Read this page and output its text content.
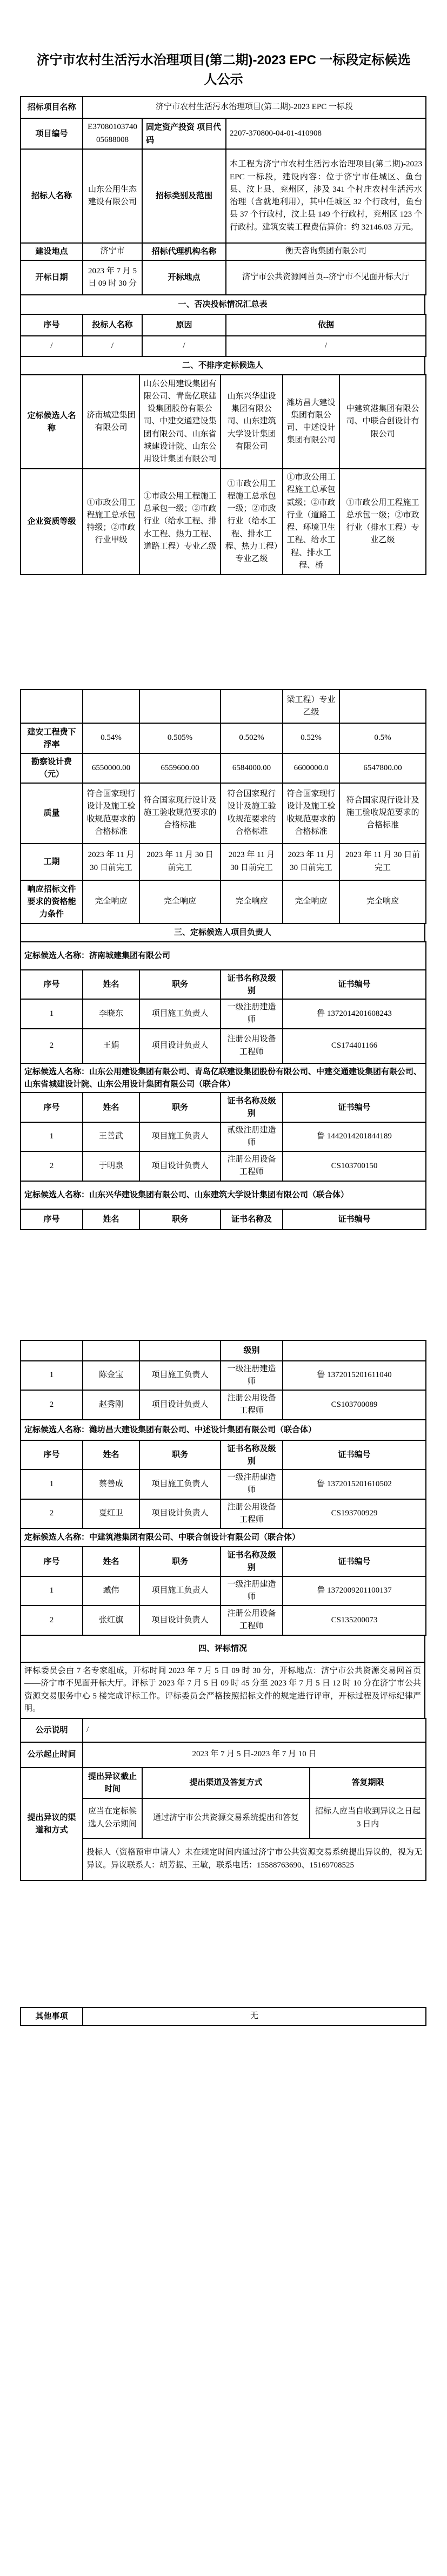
济宁市农村生活污水治理项目(第二期)-2023 EPC 一标段定标候选人公示
招标项目名称	济宁市农村生活污水治理项目(第二期)-2023 EPC 一标段		
项目编号	E3708010374005688008	固定资产投资 项目代码	2207-370800-04-01-410908
招标人名称	山东公用生态建设有限公司	招标类别及范围	本工程为济宁市农村生活污水治理项目(第二期)-2023 EPC 一标段，建设内容：位于济宁市任城区、鱼台县、汶上县、兖州区，涉及 341 个村庄农村生活污水治理（含就地利用），其中任城区 32 个行政村，鱼台县 37 个行政村，汶上县 149 个行政村，兖州区 123 个行政村。建筑安装工程费估算价：约 32146.03 万元。
建设地点	济宁市	招标代理机构名称	衡天咨询集团有限公司
开标日期	2023 年 7 月 5 日 09 时 30 分	开标地点	济宁市公共资源网首页--济宁市不见面开标大厅
一、否决投标情况汇总表
序号	投标人名称	原因	依据
/	/	/	/
二、不排序定标候选人
定标候选人名称	济南城建集团有限公司	山东公用建设集团有限公司、青岛亿联建设集团股份有限公司、中建交通建设集团有限公司、山东省城建设计院、山东公用设计集团有限公司	山东兴华建设集团有限公司、山东建筑大学设计集团有限公司	潍坊昌大建设集团有限公司、中述设计集团有限公司	中建筑港集团有限公司、中联合创设计有限公司
企业资质等级	①市政公用工程施工总承包特级；②市政行业甲级	①市政公用工程施工总承包一级；②市政行业（给水工程、排水工程、热力工程、道路工程）专业乙级	①市政公用工程施工总承包一级；②市政行业（给水工程、排水工程、热力工程）专业乙级	①市政公用工程施工总承包贰级；②市政行业（道路工程、环境卫生工程、给水工程、排水工程、桥	①市政公用工程施工总承包一级；②市政行业（排水工程）专业乙级
				梁工程）专业乙级	
建安工程费下浮率	0.54%	0.505%	0.502%	0.52%	0.5%
勘察设计费（元）	6550000.00	6559600.00	6584000.00	6600000.0	6547800.00
质量	符合国家现行设计及施工验收规范要求的合格标准	符合国家现行设计及施工验收规范要求的合格标准	符合国家现行设计及施工验收规范要求的合格标准	符合国家现行设计及施工验收规范要求的合格标准	符合国家现行设计及施工验收规范要求的合格标准
工期	2023 年 11 月 30 日前完工	2023 年 11 月 30 日前完工	2023 年 11 月 30 日前完工	2023 年 11 月 30 日前完工	2023 年 11 月 30 日前完工
响应招标文件要求的资格能力条件	完全响应	完全响应	完全响应	完全响应	完全响应
三、定标候选人项目负责人
定标候选人名称：济南城建集团有限公司				
序号	姓名	职务	证书名称及级别	证书编号
1	李晓东	项目施工负责人	一级注册建造师	鲁 1372014201608243
2	王娟	项目设计负责人	注册公用设备工程师	CS174401166
定标候选人名称：山东公用建设集团有限公司、青岛亿联建设集团股份有限公司、中建交通建设集团有限公司、山东省城建设计院、山东公用设计集团有限公司（联合体）				
序号	姓名	职务	证书名称及级别	证书编号
1	王善武	项目施工负责人	贰级注册建造师	鲁 1442014201844189
2	于明泉	项目设计负责人	注册公用设备工程师	CS103700150
定标候选人名称：山东兴华建设集团有限公司、山东建筑大学设计集团有限公司（联合体）				
序号	姓名	职务	证书名称及	证书编号
			级别	
1	陈金宝	项目施工负责人	一级注册建造师	鲁 1372015201611040
2	赵秀刚	项目设计负责人	注册公用设备工程师	CS103700089
定标候选人名称：潍坊昌大建设集团有限公司、中述设计集团有限公司（联合体）				
序号	姓名	职务	证书名称及级别	证书编号
1	蔡善成	项目施工负责人	一级注册建造师	鲁 1372015201610502
2	夏红卫	项目设计负责人	注册公用设备工程师	CS193700929
定标候选人名称：中建筑港集团有限公司、中联合创设计有限公司（联合体）				
序号	姓名	职务	证书名称及级别	证书编号
1	臧伟	项目施工负责人	一级注册建造师	鲁 1372009201100137
2	张红旗	项目设计负责人	注册公用设备工程师	CS135200073
四、评标情况
评标委员会由 7 名专家组成，开标时间 2023 年 7 月 5 日 09 时 30 分，开标地点：济宁市公共资源交易网首页——济宁市不见面开标大厅。评标于 2023 年 7 月 5 日 09 时 45 分至 2023 年 7 月 5 日 12 时 10 分在济宁市公共资源交易服务中心 5 楼完成评标工作。评标委员会严格按照招标文件的规定进行评审，开标过程及评标纪律严明。
公示说明	/		
公示起止时间	2023 年 7 月 5 日-2023 年 7 月 10 日		
提出异议的渠道和方式	提出异议截止时间	提出渠道及答复方式	答复期限
	应当在定标候选人公示期间	通过济宁市公共资源交易系统提出和答复	招标人应当自收到异议之日起 3 日内
	投标人（资格预审申请人）未在规定时间内通过济宁市公共资源交易系统提出异议的，视为无异议。异议联系人：胡芳振、王敏，联系电话：15588763690、15169708525		
其他事项	无
